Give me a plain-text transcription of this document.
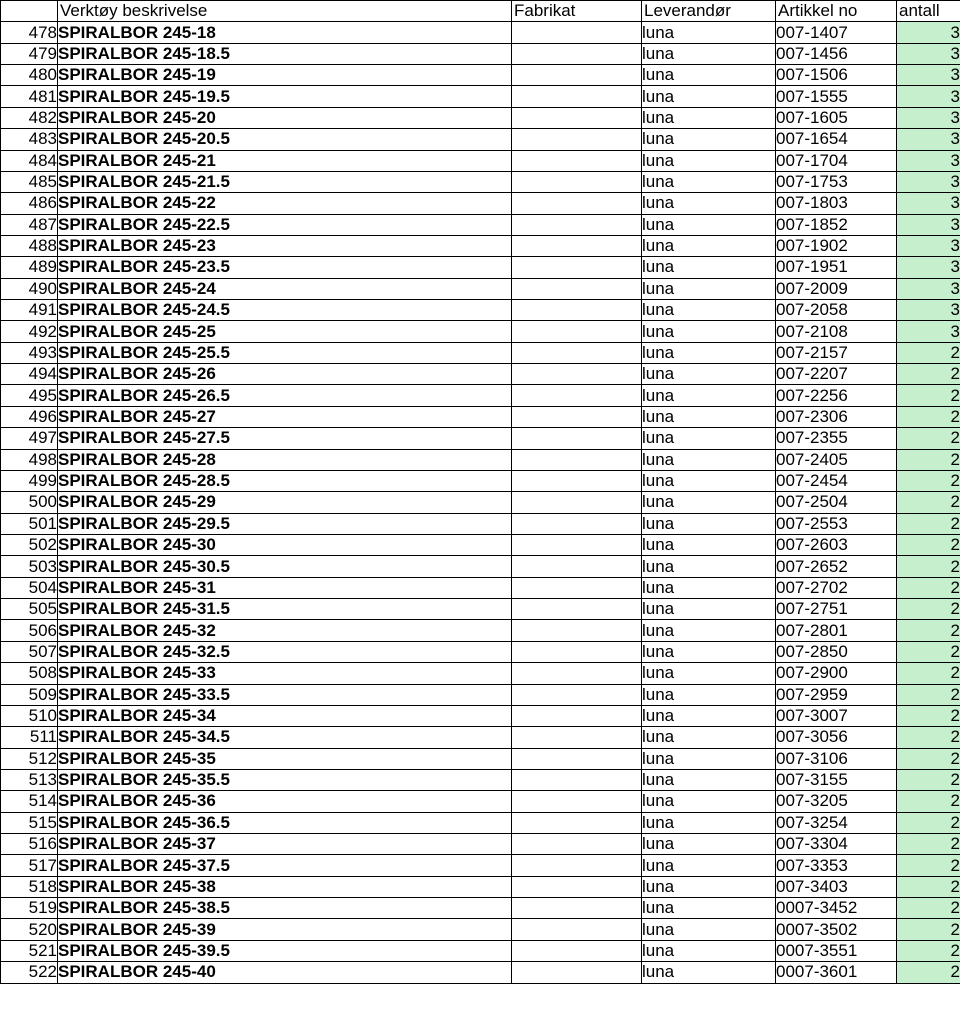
	Verktøy beskrivelse	Fabrikat	Leverandør	Artikkel no	antall
478	SPIRALBOR 245-18		luna	007-1407	3
479	SPIRALBOR 245-18.5		luna	007-1456	3
480	SPIRALBOR 245-19		luna	007-1506	3
481	SPIRALBOR 245-19.5		luna	007-1555	3
482	SPIRALBOR 245-20		luna	007-1605	3
483	SPIRALBOR 245-20.5		luna	007-1654	3
484	SPIRALBOR 245-21		luna	007-1704	3
485	SPIRALBOR 245-21.5		luna	007-1753	3
486	SPIRALBOR 245-22		luna	007-1803	3
487	SPIRALBOR 245-22.5		luna	007-1852	3
488	SPIRALBOR 245-23		luna	007-1902	3
489	SPIRALBOR 245-23.5		luna	007-1951	3
490	SPIRALBOR 245-24		luna	007-2009	3
491	SPIRALBOR 245-24.5		luna	007-2058	3
492	SPIRALBOR 245-25		luna	007-2108	3
493	SPIRALBOR 245-25.5		luna	007-2157	2
494	SPIRALBOR 245-26		luna	007-2207	2
495	SPIRALBOR 245-26.5		luna	007-2256	2
496	SPIRALBOR 245-27		luna	007-2306	2
497	SPIRALBOR 245-27.5		luna	007-2355	2
498	SPIRALBOR 245-28		luna	007-2405	2
499	SPIRALBOR 245-28.5		luna	007-2454	2
500	SPIRALBOR 245-29		luna	007-2504	2
501	SPIRALBOR 245-29.5		luna	007-2553	2
502	SPIRALBOR 245-30		luna	007-2603	2
503	SPIRALBOR 245-30.5		luna	007-2652	2
504	SPIRALBOR 245-31		luna	007-2702	2
505	SPIRALBOR 245-31.5		luna	007-2751	2
506	SPIRALBOR 245-32		luna	007-2801	2
507	SPIRALBOR 245-32.5		luna	007-2850	2
508	SPIRALBOR 245-33		luna	007-2900	2
509	SPIRALBOR 245-33.5		luna	007-2959	2
510	SPIRALBOR 245-34		luna	007-3007	2
511	SPIRALBOR 245-34.5		luna	007-3056	2
512	SPIRALBOR 245-35		luna	007-3106	2
513	SPIRALBOR 245-35.5		luna	007-3155	2
514	SPIRALBOR 245-36		luna	007-3205	2
515	SPIRALBOR 245-36.5		luna	007-3254	2
516	SPIRALBOR 245-37		luna	007-3304	2
517	SPIRALBOR 245-37.5		luna	007-3353	2
518	SPIRALBOR 245-38		luna	007-3403	2
519	SPIRALBOR 245-38.5		luna	0007-3452	2
520	SPIRALBOR 245-39		luna	0007-3502	2
521	SPIRALBOR 245-39.5		luna	0007-3551	2
522	SPIRALBOR 245-40		luna	0007-3601	2
